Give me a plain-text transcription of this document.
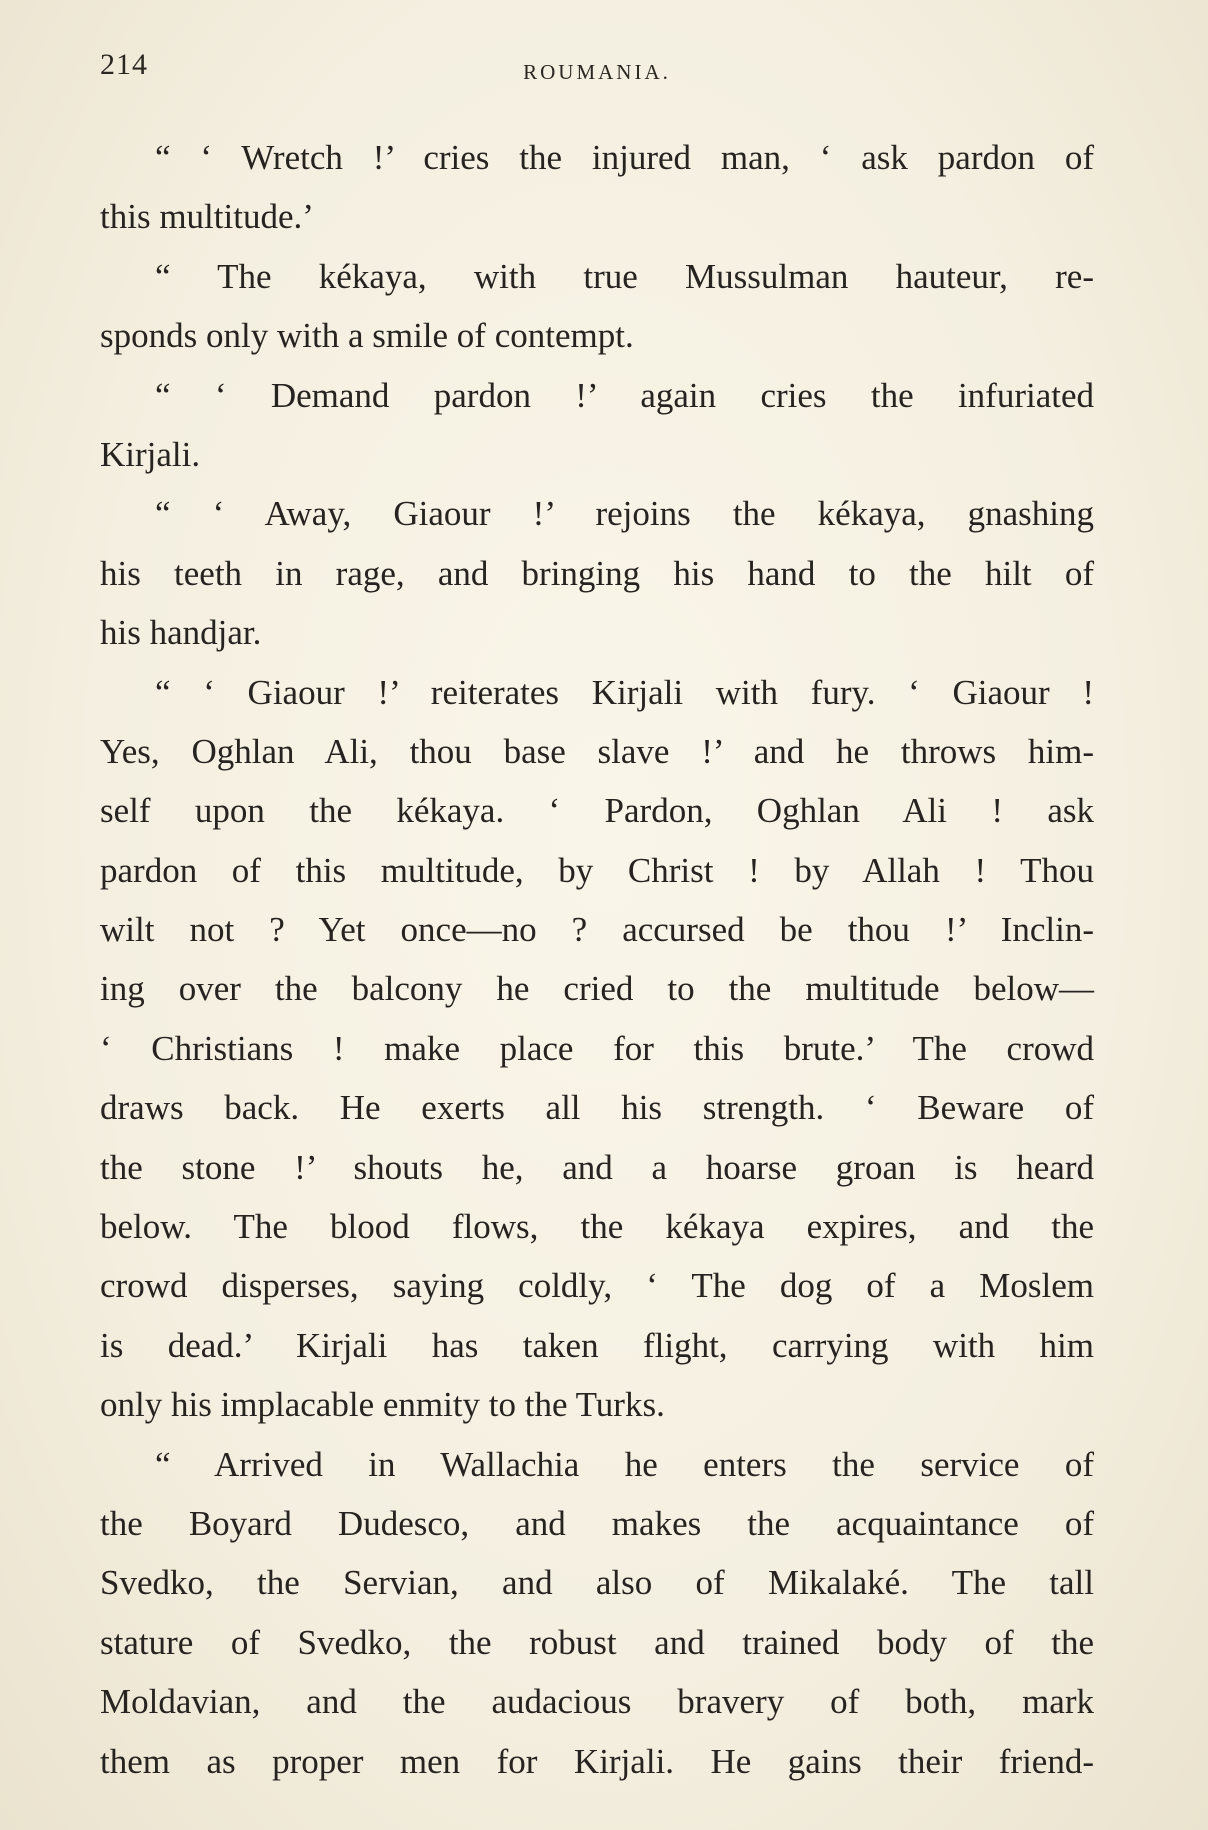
214	ROUMANIA.
“ ‘ Wretch !’ cries the injured man, ‘ ask pardon of
this multitude.’
“ The kékaya, with true Mussulman hauteur, re-
sponds only with a smile of contempt.
“ ‘ Demand pardon !’ again cries the infuriated
Kirjali.
“ ‘ Away, Giaour !’ rejoins the kékaya, gnashing
his teeth in rage, and bringing his hand to the hilt of
his handjar.
“ ‘ Giaour !’ reiterates Kirjali with fury. ‘ Giaour !
Yes, Oghlan Ali, thou base slave !’ and he throws him-
self upon the kékaya. ‘ Pardon, Oghlan Ali ! ask
pardon of this multitude, by Christ ! by Allah ! Thou
wilt not ? Yet once—no ? accursed be thou !’ Inclin-
ing over the balcony he cried to the multitude below—
‘ Christians ! make place for this brute.’ The crowd
draws back. He exerts all his strength. ‘ Beware of
the stone !’ shouts he, and a hoarse groan is heard
below. The blood flows, the kékaya expires, and the
crowd disperses, saying coldly, ‘ The dog of a Moslem
is dead.’ Kirjali has taken flight, carrying with him
only his implacable enmity to the Turks.
“ Arrived in Wallachia he enters the service of
the Boyard Dudesco, and makes the acquaintance of
Svedko, the Servian, and also of Mikalaké. The tall
stature of Svedko, the robust and trained body of the
Moldavian, and the audacious bravery of both, mark
them as proper men for Kirjali. He gains their friend-
